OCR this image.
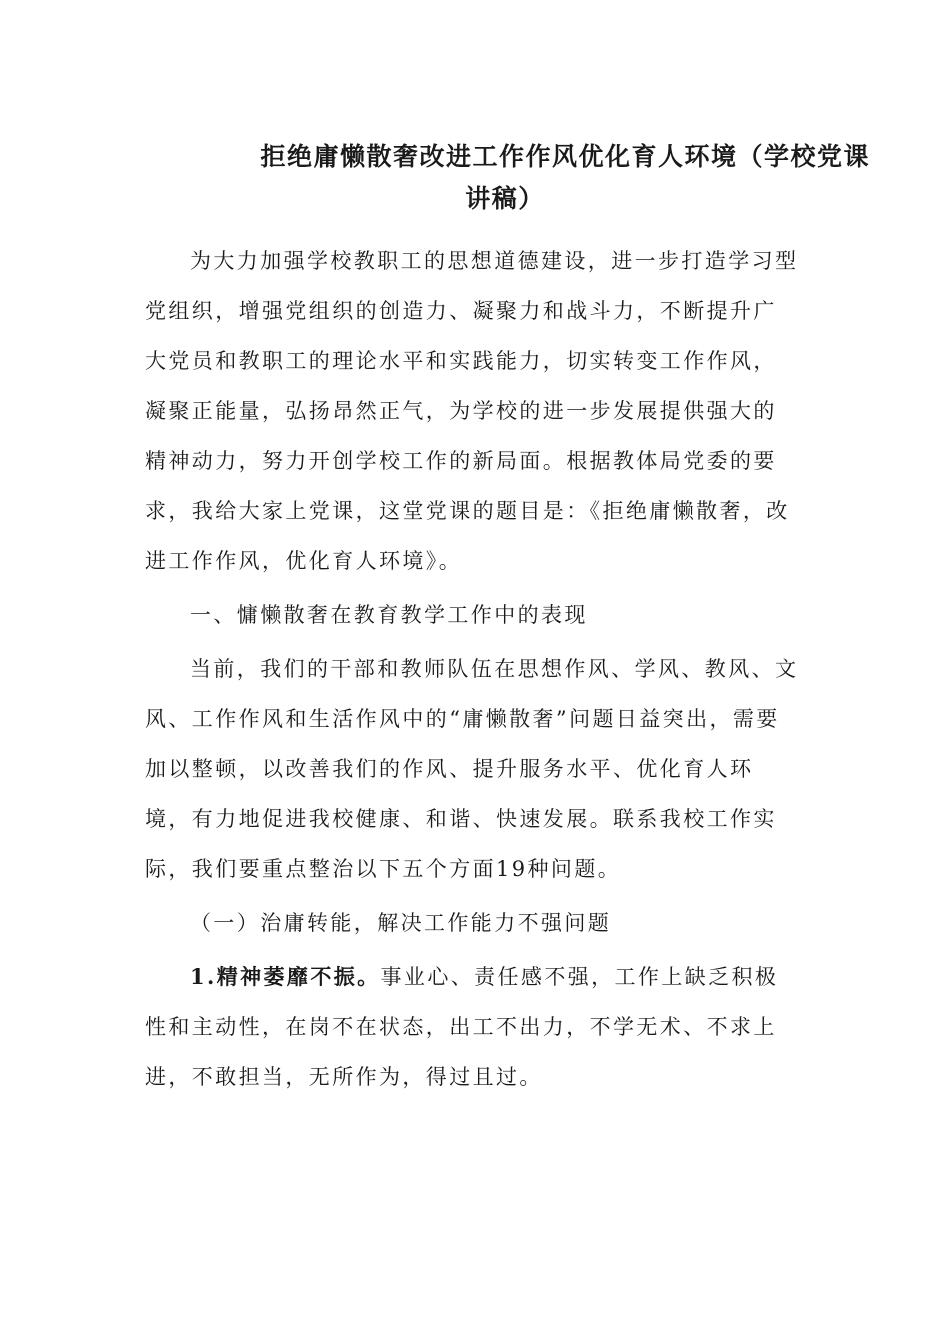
拒绝庸懒散奢改进工作作风优化育人环境（学校党课
讲稿）

为大力加强学校教职工的思想道德建设，进一步打造学习型党组织，增强党组织的创造力、凝聚力和战斗力，不断提升广大党员和教职工的理论水平和实践能力，切实转变工作作风，凝聚正能量，弘扬昂然正气，为学校的进一步发展提供强大的精神动力，努力开创学校工作的新局面。根据教体局党委的要求，我给大家上党课，这堂党课的题目是：《拒绝庸懒散奢，改进工作作风，优化育人环境》。

一、慵懒散奢在教育教学工作中的表现

当前，我们的干部和教师队伍在思想作风、学风、教风、文风、工作作风和生活作风中的“庸懒散奢”问题日益突出，需要加以整顿，以改善我们的作风、提升服务水平、优化育人环境，有力地促进我校健康、和谐、快速发展。联系我校工作实际，我们要重点整治以下五个方面19种问题。

（一）治庸转能，解决工作能力不强问题

1.精神萎靡不振。事业心、责任感不强，工作上缺乏积极性和主动性，在岗不在状态，出工不出力，不学无术、不求上进，不敢担当，无所作为，得过且过。
